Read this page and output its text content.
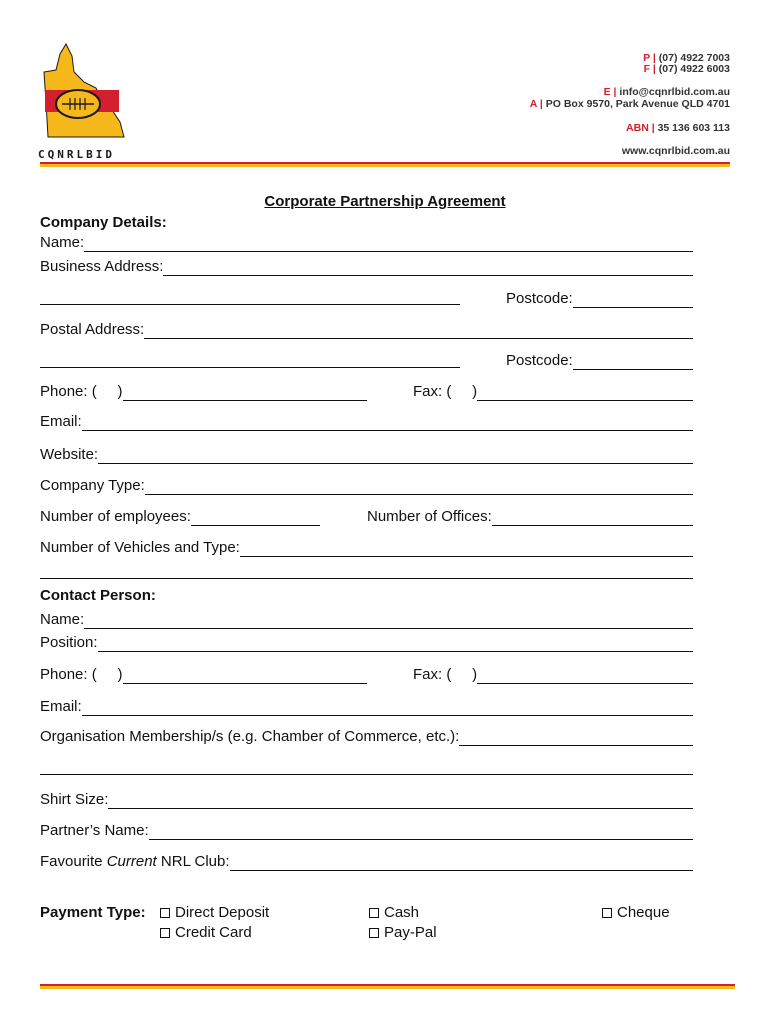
CQNRLBID
P | (07) 4922 7003
F | (07) 4922 6003
E | info@cqnrlbid.com.au
A | PO Box 9570, Park Avenue QLD 4701
ABN | 35 136 603 113
www.cqnrlbid.com.au
Corporate Partnership Agreement
Company Details:
Name:
Business Address:
Postcode:
Postal Address:
Postcode:
Phone: (     )	Fax: (     )
Email:
Website:
Company Type:
Number of employees:	Number of Offices:
Number of Vehicles and Type:
Contact Person:
Name:
Position:
Phone: (     )	Fax: (     )
Email:
Organisation Membership/s (e.g. Chamber of Commerce, etc.):
Shirt Size:
Partner’s Name:
Favourite Current NRL Club:
Payment Type: Direct Deposit
Credit Card
Cash
Pay-Pal
Cheque
